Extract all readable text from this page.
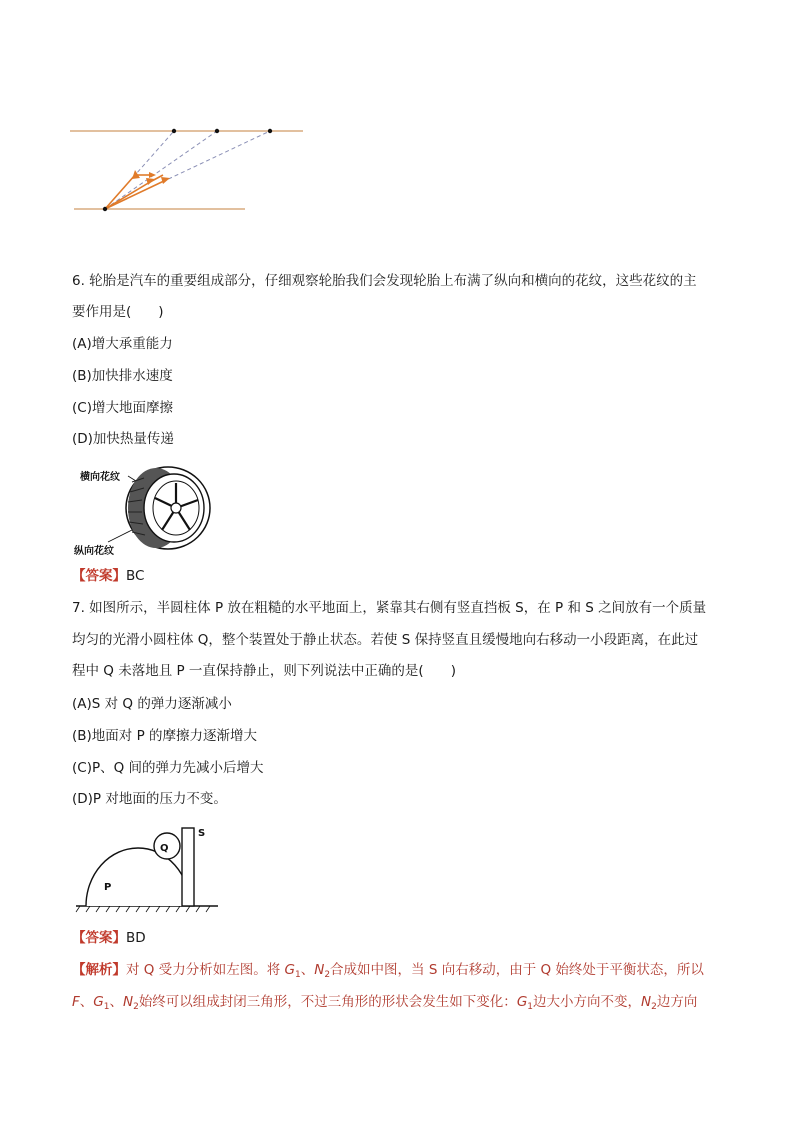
6. 轮胎是汽车的重要组成部分，仔细观察轮胎我们会发现轮胎上布满了纵向和横向的花纹，这些花纹的主
要作用是(　　)
(A)增大承重能力
(B)加快排水速度
(C)增大地面摩擦
(D)加快热量传递
横向花纹
纵向花纹
【答案】BC
7. 如图所示，半圆柱体 P 放在粗糙的水平地面上，紧靠其右侧有竖直挡板 S，在 P 和 S 之间放有一个质量
均匀的光滑小圆柱体 Q，整个装置处于静止状态。若使 S 保持竖直且缓慢地向右移动一小段距离，在此过
程中 Q 未落地且 P 一直保持静止，则下列说法中正确的是(　　)
(A)S 对 Q 的弹力逐渐减小
(B)地面对 P 的摩擦力逐渐增大
(C)P、Q 间的弹力先减小后增大
(D)P 对地面的压力不变。
Q
P
S
【答案】BD
【解析】对 Q 受力分析如左图。将 $G_1$、$N_2$合成如中图，当 S 向右移动，由于 Q 始终处于平衡状态，所以
F、$G_1$、$N_2$始终可以组成封闭三角形，不过三角形的形状会发生如下变化：$G_1$边大小方向不变，$N_2$边方向
